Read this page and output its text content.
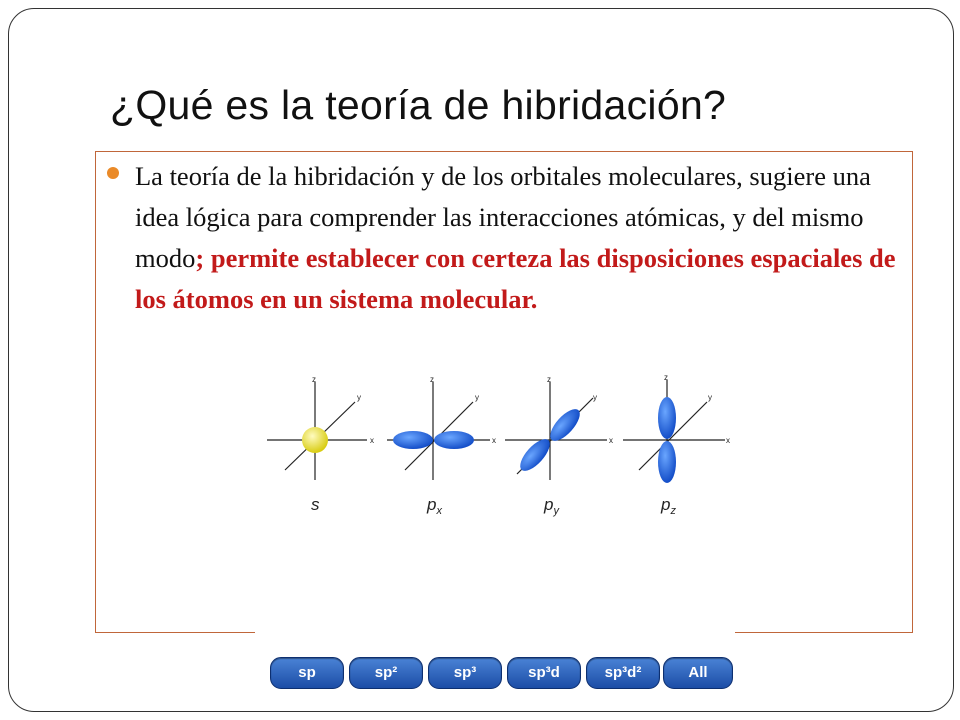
¿Qué es la teoría de hibridación?
La teoría de la hibridación y de los orbitales moleculares, sugiere una idea lógica para comprender las interacciones atómicas, y del mismo modo; permite establecer con certeza las disposiciones espaciales de los átomos en un sistema molecular.
z
y
x
s
z
y
x
$p_x$
z
y
x
$p_y$
z
y
x
$p_z$
sp	sp²	sp³	sp³d	sp³d²	All
